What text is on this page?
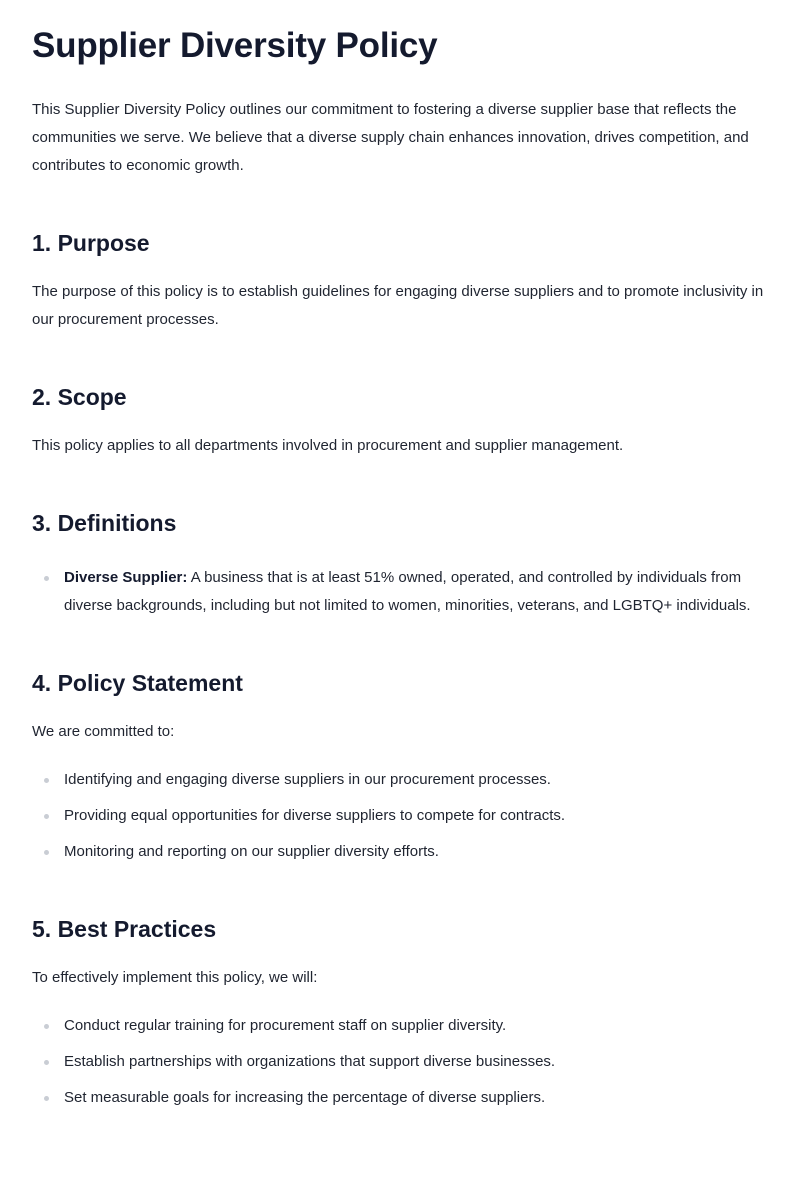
Supplier Diversity Policy

This Supplier Diversity Policy outlines our commitment to fostering a diverse supplier base that reflects the communities we serve. We believe that a diverse supply chain enhances innovation, drives competition, and contributes to economic growth.

1. Purpose

The purpose of this policy is to establish guidelines for engaging diverse suppliers and to promote inclusivity in our procurement processes.

2. Scope

This policy applies to all departments involved in procurement and supplier management.

3. Definitions
Diverse Supplier: A business that is at least 51% owned, operated, and controlled by individuals from diverse backgrounds, including but not limited to women, minorities, veterans, and LGBTQ+ individuals.
4. Policy Statement

We are committed to:

Identifying and engaging diverse suppliers in our procurement processes.
Providing equal opportunities for diverse suppliers to compete for contracts.
Monitoring and reporting on our supplier diversity efforts.
5. Best Practices

To effectively implement this policy, we will:

Conduct regular training for procurement staff on supplier diversity.
Establish partnerships with organizations that support diverse businesses.
Set measurable goals for increasing the percentage of diverse suppliers.
